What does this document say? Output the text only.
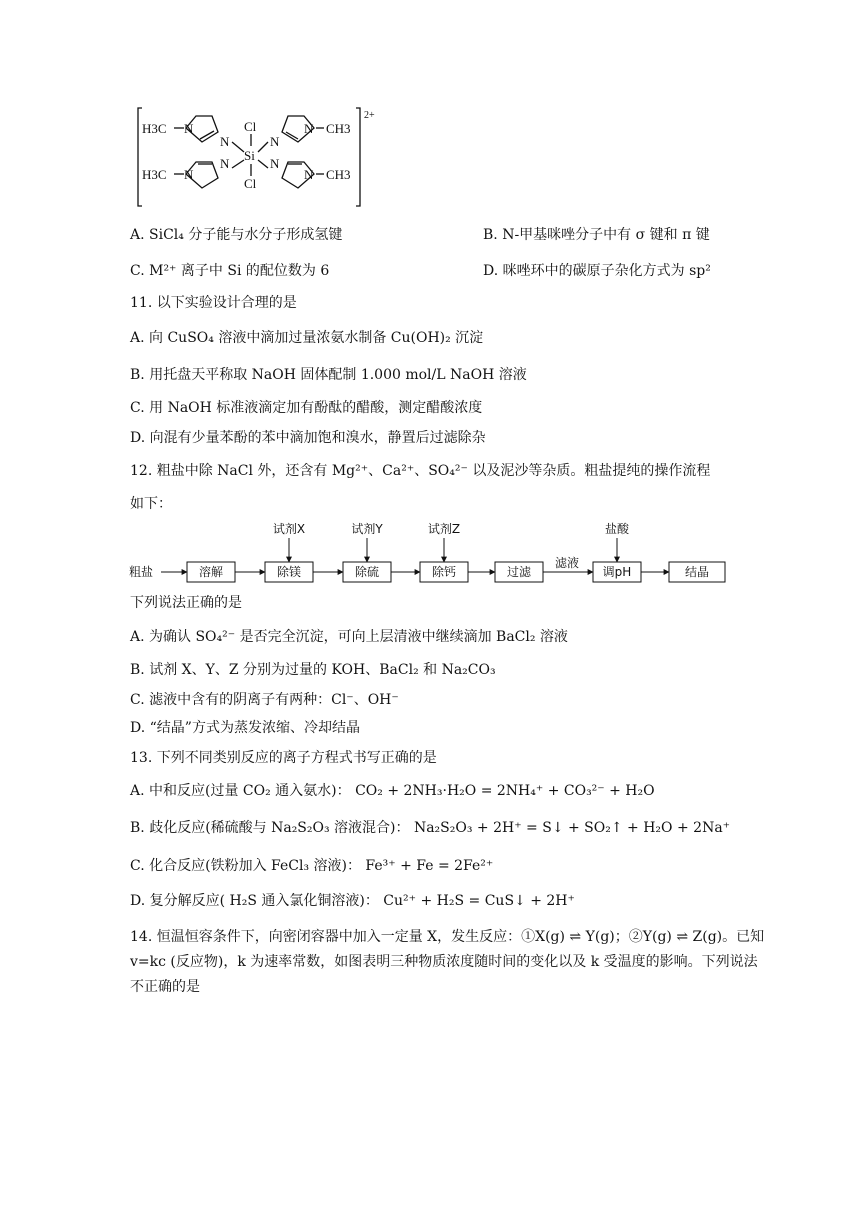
H3C
H3C
CH3
CH3
N
N
N
N
N
N
N
N
Cl
Cl
Si
2+
A. SiCl₄ 分子能与水分子形成氢键	B. N-甲基咪唑分子中有 σ 键和 π 键
C. M²⁺ 离子中 Si 的配位数为 6	D. 咪唑环中的碳原子杂化方式为 sp²
11. 以下实验设计合理的是
A. 向 CuSO₄ 溶液中滴加过量浓氨水制备 Cu(OH)₂ 沉淀
B. 用托盘天平称取 NaOH 固体配制 1.000 mol/L NaOH 溶液
C. 用 NaOH 标准液滴定加有酚酞的醋酸，测定醋酸浓度
D. 向混有少量苯酚的苯中滴加饱和溴水，静置后过滤除杂
12. 粗盐中除 NaCl 外，还含有 Mg²⁺、Ca²⁺、SO₄²⁻ 以及泥沙等杂质。粗盐提纯的操作流程
如下：
粗盐	溶解	除镁	除硫	除钙	过滤	调pH	结晶
试剂X	试剂Y	试剂Z	盐酸
滤液
下列说法正确的是
A. 为确认 SO₄²⁻ 是否完全沉淀，可向上层清液中继续滴加 BaCl₂ 溶液
B. 试剂 X、Y、Z 分别为过量的 KOH、BaCl₂ 和 Na₂CO₃
C. 滤液中含有的阴离子有两种：Cl⁻、OH⁻
D. “结晶”方式为蒸发浓缩、冷却结晶
13. 下列不同类别反应的离子方程式书写正确的是
A. 中和反应(过量 CO₂ 通入氨水)： CO₂ + 2NH₃·H₂O = 2NH₄⁺ + CO₃²⁻ + H₂O
B. 歧化反应(稀硫酸与 Na₂S₂O₃ 溶液混合)： Na₂S₂O₃ + 2H⁺ = S↓ + SO₂↑ + H₂O + 2Na⁺
C. 化合反应(铁粉加入 FeCl₃ 溶液)： Fe³⁺ + Fe = 2Fe²⁺
D. 复分解反应( H₂S 通入氯化铜溶液)： Cu²⁺ + H₂S = CuS↓ + 2H⁺
14. 恒温恒容条件下，向密闭容器中加入一定量 X，发生反应：①X(g) ⇌ Y(g)；②Y(g) ⇌ Z(g)。已知 v=kc (反应物)，k 为速率常数，如图表明三种物质浓度随时间的变化以及 k 受温度的影响。下列说法不正确的是
